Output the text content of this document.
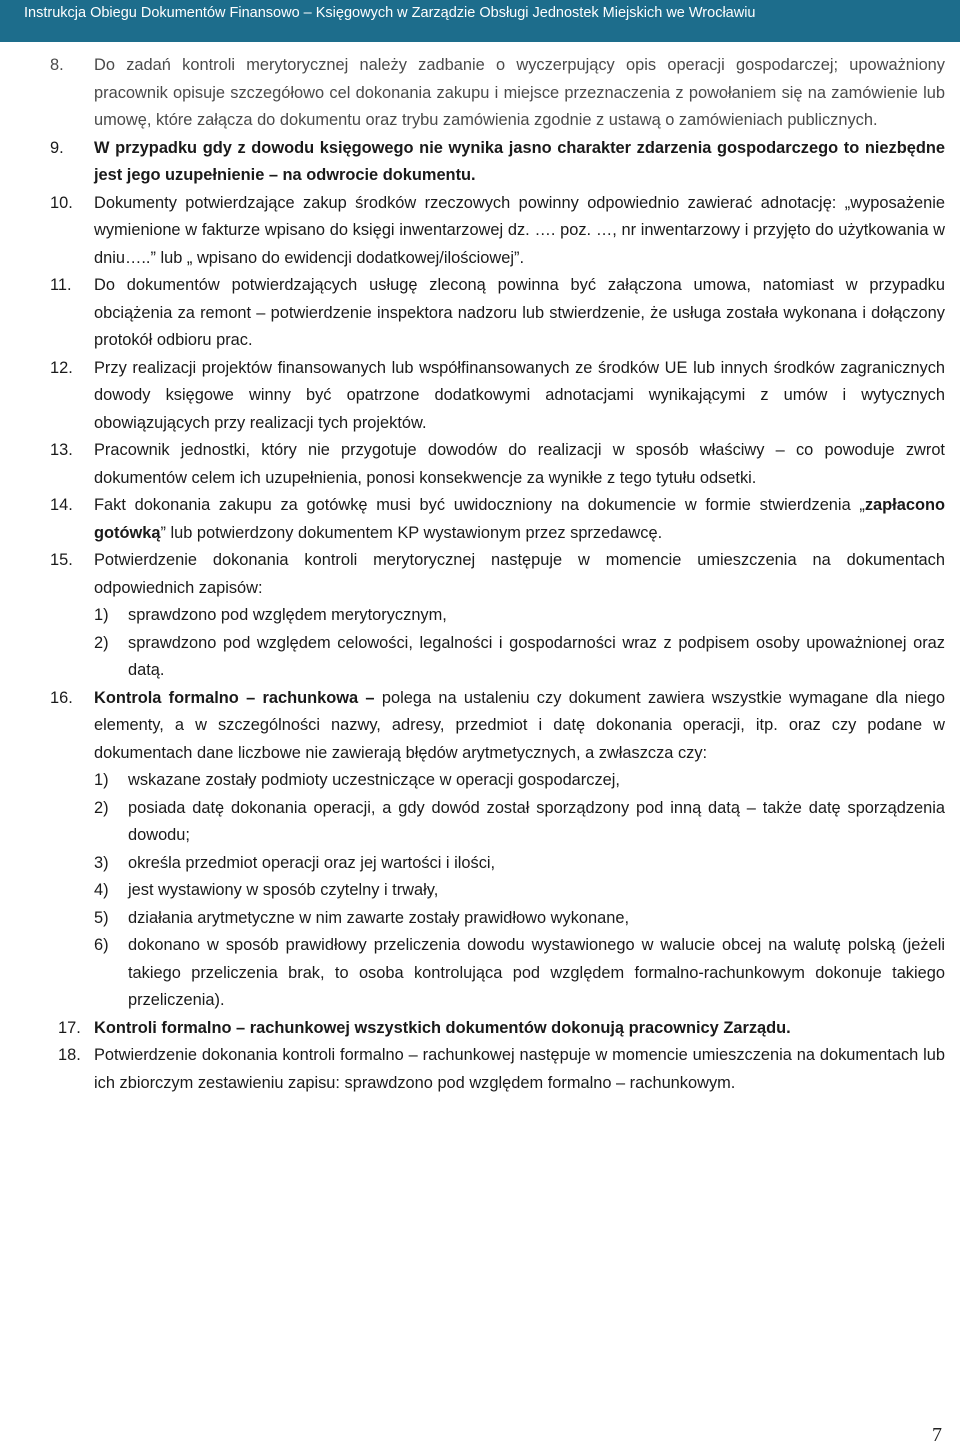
Instrukcja Obiegu Dokumentów Finansowo – Księgowych w Zarządzie Obsługi Jednostek Miejskich we Wrocławiu
8. Do zadań kontroli merytorycznej należy zadbanie o wyczerpujący opis operacji gospodarczej; upoważniony pracownik opisuje szczegółowo cel dokonania zakupu i miejsce przeznaczenia z powołaniem się na zamówienie lub umowę, które załącza do dokumentu oraz trybu zamówienia zgodnie z ustawą o zamówieniach publicznych.
9. W przypadku gdy z dowodu księgowego nie wynika jasno charakter zdarzenia gospodarczego to niezbędne jest jego uzupełnienie – na odwrocie dokumentu.
10. Dokumenty potwierdzające zakup środków rzeczowych powinny odpowiednio zawierać adnotację: „wyposażenie wymienione w fakturze wpisano do księgi inwentarzowej dz. …. poz. …, nr inwentarzowy i przyjęto do użytkowania w dniu…..” lub „ wpisano do ewidencji dodatkowej/ilościowej”.
11. Do dokumentów potwierdzających usługę zleconą powinna być załączona umowa, natomiast w przypadku obciążenia za remont – potwierdzenie inspektora nadzoru lub stwierdzenie, że usługa została wykonana i dołączony protokół odbioru prac.
12. Przy realizacji projektów finansowanych lub współfinansowanych ze środków UE lub innych środków zagranicznych dowody księgowe winny być opatrzone dodatkowymi adnotacjami wynikającymi z umów i wytycznych obowiązujących przy realizacji tych projektów.
13. Pracownik jednostki, który nie przygotuje dowodów do realizacji w sposób właściwy – co powoduje zwrot dokumentów celem ich uzupełnienia, ponosi konsekwencje za wynikłe z tego tytułu odsetki.
14. Fakt dokonania zakupu za gotówkę musi być uwidoczniony na dokumencie w formie stwierdzenia „zapłacono gotówką” lub potwierdzony dokumentem KP wystawionym przez sprzedawcę.
15. Potwierdzenie dokonania kontroli merytorycznej następuje w momencie umieszczenia na dokumentach odpowiednich zapisów:
1) sprawdzono pod względem merytorycznym,
2) sprawdzono pod względem celowości, legalności i gospodarności wraz z podpisem osoby upoważnionej oraz datą.
16. Kontrola formalno – rachunkowa – polega na ustaleniu czy dokument zawiera wszystkie wymagane dla niego elementy, a w szczególności nazwy, adresy, przedmiot i datę dokonania operacji, itp. oraz czy podane w dokumentach dane liczbowe nie zawierają błędów arytmetycznych, a zwłaszcza czy:
1) wskazane zostały podmioty uczestniczące w operacji gospodarczej,
2) posiada datę dokonania operacji, a gdy dowód został sporządzony pod inną datą – także datę sporządzenia dowodu;
3) określa przedmiot operacji oraz jej wartości i ilości,
4) jest wystawiony w sposób czytelny i trwały,
5) działania arytmetyczne w nim zawarte zostały prawidłowo wykonane,
6) dokonano w sposób prawidłowy przeliczenia dowodu wystawionego w walucie obcej na walutę polską (jeżeli takiego przeliczenia brak, to osoba kontrolująca pod względem formalno-rachunkowym dokonuje takiego przeliczenia).
17. Kontroli formalno – rachunkowej wszystkich dokumentów dokonują pracownicy Zarządu.
18. Potwierdzenie dokonania kontroli formalno – rachunkowej następuje w momencie umieszczenia na dokumentach lub ich zbiorczym zestawieniu zapisu: sprawdzono pod względem formalno – rachunkowym.
7
